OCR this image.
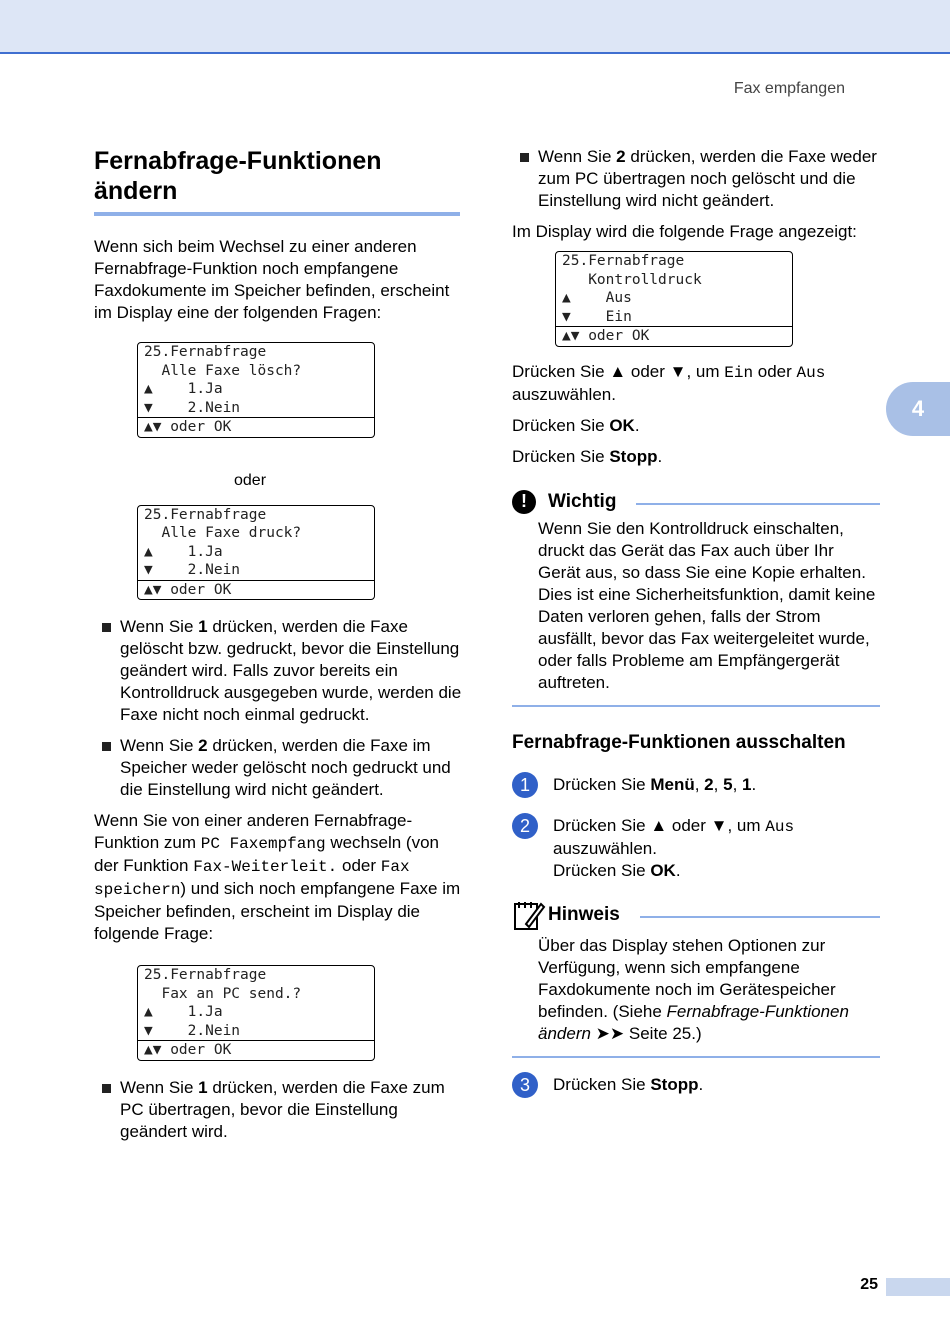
Fax empfangen
4
Fernabfrage-Funktionen ändern

Wenn sich beim Wechsel zu einer anderen Fernabfrage-Funktion noch empfangene Faxdokumente im Speicher befinden, erscheint im Display eine der folgenden Fragen:

25.Fernabfrage
Alle Faxe lösch?
▲    1.Ja
▼    2.Nein
▲▼ oder OK

oder

25.Fernabfrage
Alle Faxe druck?
▲    1.Ja
▼    2.Nein
▲▼ oder OK
Wenn Sie 1 drücken, werden die Faxe gelöscht bzw. gedruckt, bevor die Einstellung geändert wird. Falls zuvor bereits ein Kontrolldruck ausgegeben wurde, werden die Faxe nicht noch einmal gedruckt.
Wenn Sie 2 drücken, werden die Faxe im Speicher weder gelöscht noch gedruckt und die Einstellung wird nicht geändert.

Wenn Sie von einer anderen Fernabfrage-Funktion zum PC Faxempfang wechseln (von der Funktion Fax-Weiterleit. oder Fax speichern) und sich noch empfangene Faxe im Speicher befinden, erscheint im Display die folgende Frage:

25.Fernabfrage
Fax an PC send.?
▲    1.Ja
▼    2.Nein
▲▼ oder OK
Wenn Sie 1 drücken, werden die Faxe zum PC übertragen, bevor die Einstellung geändert wird.
Wenn Sie 2 drücken, werden die Faxe weder zum PC übertragen noch gelöscht und die Einstellung wird nicht geändert.

Im Display wird die folgende Frage angezeigt:

25.Fernabfrage
Kontrolldruck
▲    Aus
▼    Ein
▲▼ oder OK

Drücken Sie ▲ oder ▼, um Ein oder Aus auszuwählen.

Drücken Sie OK.

Drücken Sie Stopp.

!	Wichtig
Wenn Sie den Kontrolldruck einschalten, druckt das Gerät das Fax auch über Ihr Gerät aus, so dass Sie eine Kopie erhalten. Dies ist eine Sicherheitsfunktion, damit keine Daten verloren gehen, falls der Strom ausfällt, bevor das Fax weitergeleitet wurde, oder falls Probleme am Empfängergerät auftreten.
Fernabfrage-Funktionen ausschalten
1	Drücken Sie Menü, 2, 5, 1.
2	Drücken Sie ▲ oder ▼, um Aus auszuwählen.
Drücken Sie OK.
Hinweis
Über das Display stehen Optionen zur Verfügung, wenn sich empfangene Faxdokumente noch im Gerätespeicher befinden. (Siehe Fernabfrage-Funktionen ändern ➤➤ Seite 25.)
3	Drücken Sie Stopp.
25
